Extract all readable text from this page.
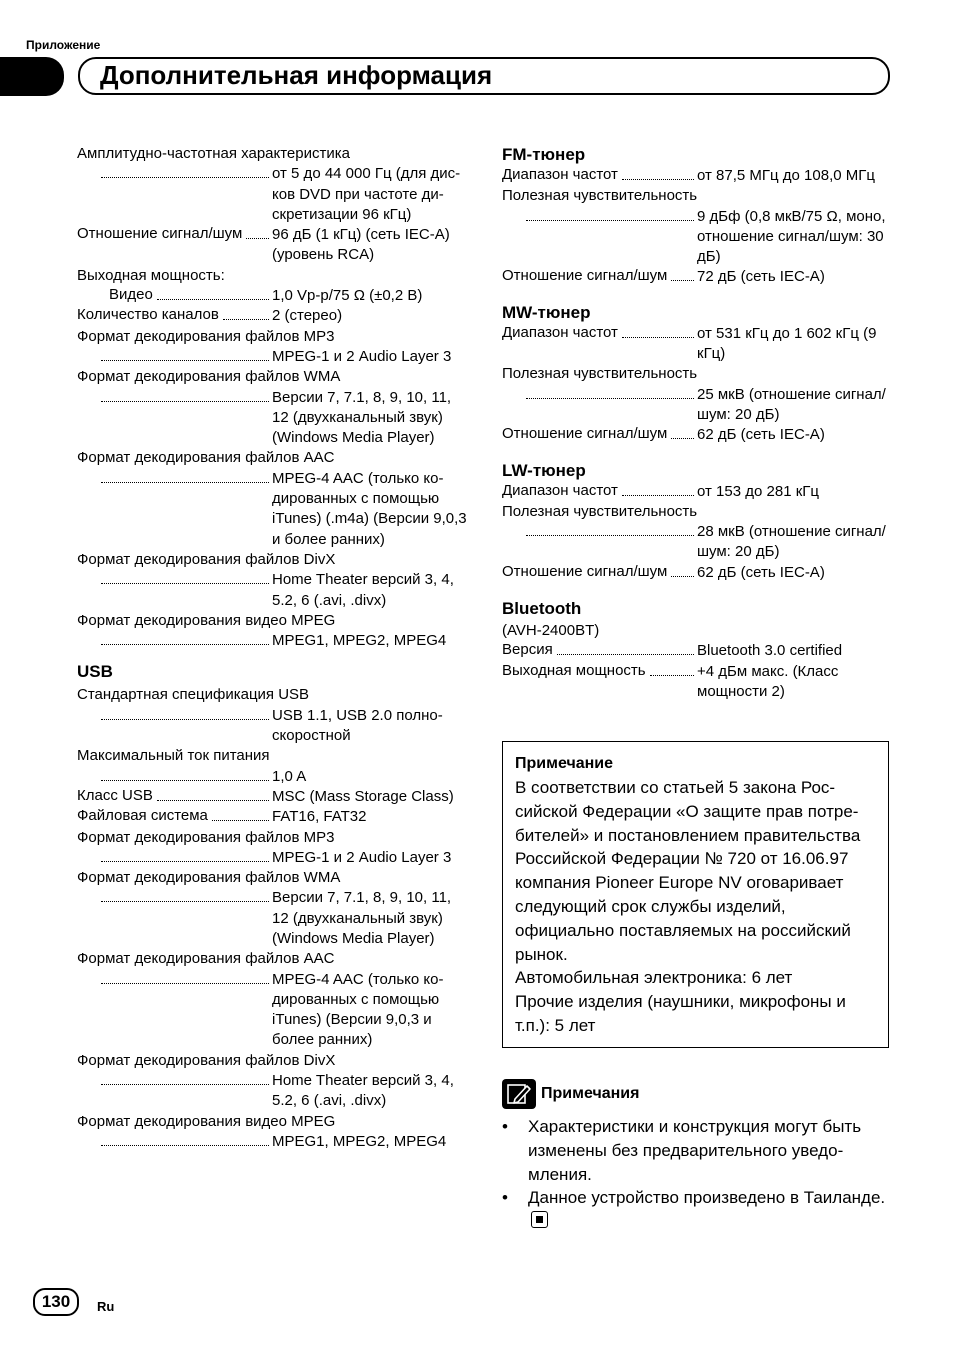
Приложение
Дополнительная информация
Амплитудно-частотная характеристика
от 5 до 44 000 Гц (для дисков DVD при частоте дискретизации 96 кГц)
Отношение сигнал/шум 96 дБ (1 кГц) (сеть IEC-A) (уровень RCA)
Выходная мощность:
Видео	1,0 Vp-p/75 Ω (±0,2 В)
Количество каналов	2 (стерео)
Формат декодирования файлов MP3
MPEG-1 и 2 Audio Layer 3
Формат декодирования файлов WMA
Версии 7, 7.1, 8, 9, 10, 11, 12 (двухканальный звук) (Windows Media Player)
Формат декодирования файлов AAC
MPEG-4 AAC (только кодированных с помощью iTunes) (.m4a) (Версии 9,0,3 и более ранних)
Формат декодирования файлов DivX
Home Theater версий 3, 4, 5.2, 6 (.avi, .divx)
Формат декодирования видео MPEG
MPEG1, MPEG2, MPEG4
USB
Стандартная спецификация USB
USB 1.1, USB 2.0 полноскоростной
Максимальный ток питания
1,0 A
Класс USB	MSC (Mass Storage Class)
Файловая система	FAT16, FAT32
Формат декодирования файлов MP3
MPEG-1 и 2 Audio Layer 3
Формат декодирования файлов WMA
Версии 7, 7.1, 8, 9, 10, 11, 12 (двухканальный звук) (Windows Media Player)
Формат декодирования файлов AAC
MPEG-4 AAC (только кодированных с помощью iTunes) (Версии 9,0,3 и более ранних)
Формат декодирования файлов DivX
Home Theater версий 3, 4, 5.2, 6 (.avi, .divx)
Формат декодирования видео MPEG
MPEG1, MPEG2, MPEG4
FM-тюнер
Диапазон частот	от 87,5 МГц до 108,0 МГц
Полезная чувствительность
9 дБф (0,8 мкВ/75 Ω, моно, отношение сигнал/шум: 30 дБ)
Отношение сигнал/шум 72 дБ (сеть IEC-A)
MW-тюнер
Диапазон частот	от 531 кГц до 1 602 кГц (9 кГц)
Полезная чувствительность
25 мкВ (отношение сигнал/шум: 20 дБ)
Отношение сигнал/шум 62 дБ (сеть IEC-A)
LW-тюнер
Диапазон частот	от 153 до 281 кГц
Полезная чувствительность
28 мкВ (отношение сигнал/шум: 20 дБ)
Отношение сигнал/шум 62 дБ (сеть IEC-A)
Bluetooth
(AVH-2400BT)
Версия	Bluetooth 3.0 certified
Выходная мощность	+4 дБм макс. (Класс мощности 2)
Примечание
В соответствии со статьей 5 закона Российской Федерации «О защите прав потребителей» и постановлением правительства Российской Федерации № 720 от 16.06.97 компания Pioneer Europe NV оговаривает следующий срок службы изделий, официально поставляемых на российский рынок.
Автомобильная электроника: 6 лет
Прочие изделия (наушники, микрофоны и т.п.): 5 лет
Примечания
•	Характеристики и конструкция могут быть изменены без предварительного уведомления.
•	Данное устройство произведено в Таиланде.
130	Ru
